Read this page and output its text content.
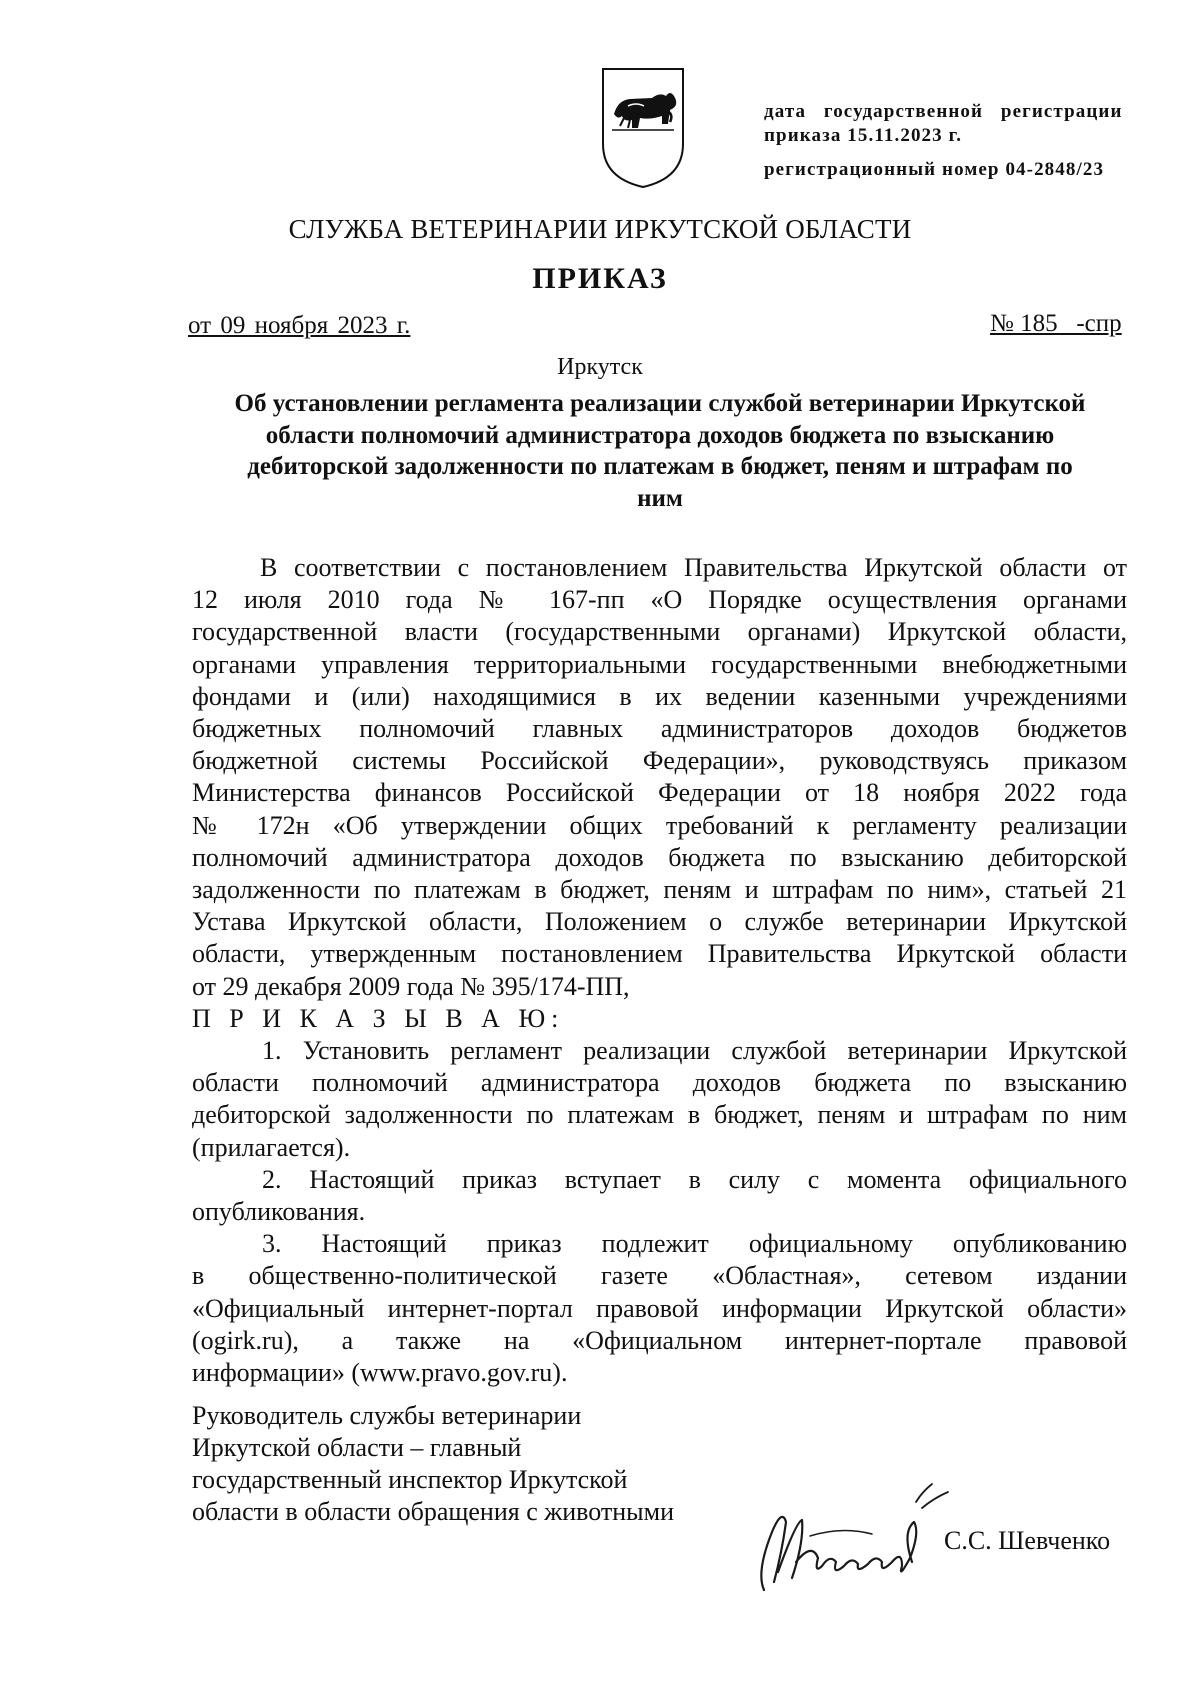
дата государственной регистрации
приказа 15.11.2023 г.
регистрационный номер 04-2848/23
СЛУЖБА ВЕТЕРИНАРИИ ИРКУТСКОЙ ОБЛАСТИ
ПРИКАЗ
от 09 ноября 2023 г.	№ 185   -спр
Иркутск
Об установлении регламента реализации службой ветеринарии Иркутской
области полномочий администратора доходов бюджета по взысканию
дебиторской задолженности по платежам в бюджет, пеням и штрафам по
ним
В соответствии с постановлением Правительства Иркутской области от
12 июля 2010 года № 167-пп «О Порядке осуществления органами
государственной власти (государственными органами) Иркутской области,
органами управления территориальными государственными внебюджетными
фондами и (или) находящимися в их ведении казенными учреждениями
бюджетных полномочий главных администраторов доходов бюджетов
бюджетной системы Российской Федерации», руководствуясь приказом
Министерства финансов Российской Федерации от 18 ноября 2022 года
№ 172н «Об утверждении общих требований к регламенту реализации
полномочий администратора доходов бюджета по взысканию дебиторской
задолженности по платежам в бюджет, пеням и штрафам по ним», статьей 21
Устава Иркутской области, Положением о службе ветеринарии Иркутской
области, утвержденным постановлением Правительства Иркутской области
от 29 декабря 2009 года № 395/174-ПП,
П Р И К А З Ы В А Ю:
1. Установить регламент реализации службой ветеринарии Иркутской
области полномочий администратора доходов бюджета по взысканию
дебиторской задолженности по платежам в бюджет, пеням и штрафам по ним
(прилагается).
2. Настоящий приказ вступает в силу с момента официального
опубликования.
3. Настоящий приказ подлежит официальному опубликованию
в общественно-политической газете «Областная», сетевом издании
«Официальный интернет-портал правовой информации Иркутской области»
(ogirk.ru), а также на «Официальном интернет-портале правовой
информации» (www.pravo.gov.ru).
Руководитель службы ветеринарии
Иркутской области – главный
государственный инспектор Иркутской
области в области обращения с животными
С.С. Шевченко
